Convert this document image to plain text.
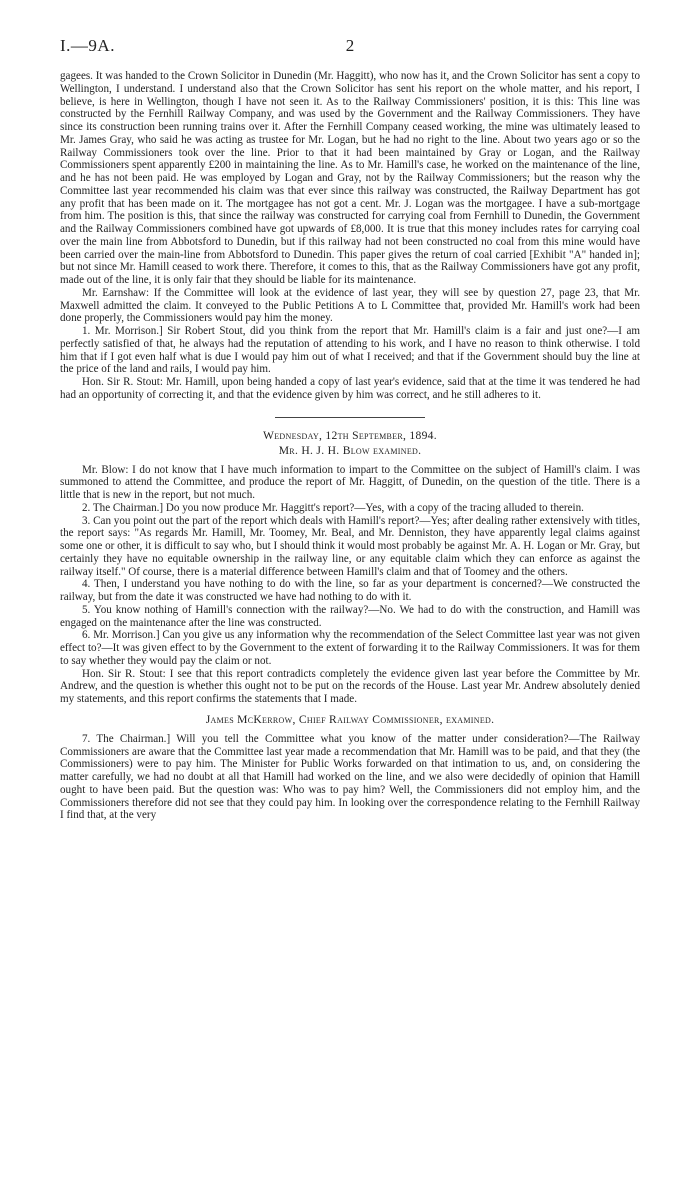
I.—9A.	2

gagees. It was handed to the Crown Solicitor in Dunedin (Mr. Haggitt), who now has it, and the Crown Solicitor has sent a copy to Wellington, I understand. I understand also that the Crown Solicitor has sent his report on the whole matter, and his report, I believe, is here in Wellington, though I have not seen it. As to the Railway Commissioners' position, it is this: This line was constructed by the Fernhill Railway Company, and was used by the Government and the Railway Commissioners. They have since its construction been running trains over it. After the Fernhill Company ceased working, the mine was ultimately leased to Mr. James Gray, who said he was acting as trustee for Mr. Logan, but he had no right to the line. About two years ago or so the Railway Commissioners took over the line. Prior to that it had been maintained by Gray or Logan, and the Railway Commissioners spent apparently £200 in maintaining the line. As to Mr. Hamill's case, he worked on the maintenance of the line, and he has not been paid. He was employed by Logan and Gray, not by the Railway Commissioners; but the reason why the Committee last year recommended his claim was that ever since this railway was constructed, the Railway Department has got any profit that has been made on it. The mortgagee has not got a cent. Mr. J. Logan was the mortgagee. I have a sub-mortgage from him. The position is this, that since the railway was constructed for carrying coal from Fernhill to Dunedin, the Government and the Railway Commissioners combined have got upwards of £8,000. It is true that this money includes rates for carrying coal over the main line from Abbotsford to Dunedin, but if this railway had not been constructed no coal from this mine would have been carried over the main-line from Abbotsford to Dunedin. This paper gives the return of coal carried [Exhibit "A" handed in]; but not since Mr. Hamill ceased to work there. Therefore, it comes to this, that as the Railway Commissioners have got any profit, made out of the line, it is only fair that they should be liable for its maintenance.

Mr. Earnshaw: If the Committee will look at the evidence of last year, they will see by question 27, page 23, that Mr. Maxwell admitted the claim. It conveyed to the Public Petitions A to L Committee that, provided Mr. Hamill's work had been done properly, the Commissioners would pay him the money.

1. Mr. Morrison.] Sir Robert Stout, did you think from the report that Mr. Hamill's claim is a fair and just one?—I am perfectly satisfied of that, he always had the reputation of attending to his work, and I have no reason to think otherwise. I told him that if I got even half what is due I would pay him out of what I received; and that if the Government should buy the line at the price of the land and rails, I would pay him.

Hon. Sir R. Stout: Mr. Hamill, upon being handed a copy of last year's evidence, said that at the time it was tendered he had had an opportunity of correcting it, and that the evidence given by him was correct, and he still adheres to it.

Wednesday, 12th September, 1894.

Mr. H. J. H. Blow examined.

Mr. Blow: I do not know that I have much information to impart to the Committee on the subject of Hamill's claim. I was summoned to attend the Committee, and produce the report of Mr. Haggitt, of Dunedin, on the question of the title. There is a little that is new in the report, but not much.

2. The Chairman.] Do you now produce Mr. Haggitt's report?—Yes, with a copy of the tracing alluded to therein.

3. Can you point out the part of the report which deals with Hamill's report?—Yes; after dealing rather extensively with titles, the report says: "As regards Mr. Hamill, Mr. Toomey, Mr. Beal, and Mr. Denniston, they have apparently legal claims against some one or other, it is difficult to say who, but I should think it would most probably be against Mr. A. H. Logan or Mr. Gray, but certainly they have no equitable ownership in the railway line, or any equitable claim which they can enforce as against the railway itself." Of course, there is a material difference between Hamill's claim and that of Toomey and the others.

4. Then, I understand you have nothing to do with the line, so far as your department is concerned?—We constructed the railway, but from the date it was constructed we have had nothing to do with it.

5. You know nothing of Hamill's connection with the railway?—No. We had to do with the construction, and Hamill was engaged on the maintenance after the line was constructed.

6. Mr. Morrison.] Can you give us any information why the recommendation of the Select Committee last year was not given effect to?—It was given effect to by the Government to the extent of forwarding it to the Railway Commissioners. It was for them to say whether they would pay the claim or not.

Hon. Sir R. Stout: I see that this report contradicts completely the evidence given last year before the Committee by Mr. Andrew, and the question is whether this ought not to be put on the records of the House. Last year Mr. Andrew absolutely denied my statements, and this report confirms the statements that I made.

James McKerrow, Chief Railway Commissioner, examined.

7. The Chairman.] Will you tell the Committee what you know of the matter under consideration?—The Railway Commissioners are aware that the Committee last year made a recommendation that Mr. Hamill was to be paid, and that they (the Commissioners) were to pay him. The Minister for Public Works forwarded on that intimation to us, and, on considering the matter carefully, we had no doubt at all that Hamill had worked on the line, and we also were decidedly of opinion that Hamill ought to have been paid. But the question was: Who was to pay him? Well, the Commissioners did not employ him, and the Commissioners therefore did not see that they could pay him. In looking over the correspondence relating to the Fernhill Railway I find that, at the very
